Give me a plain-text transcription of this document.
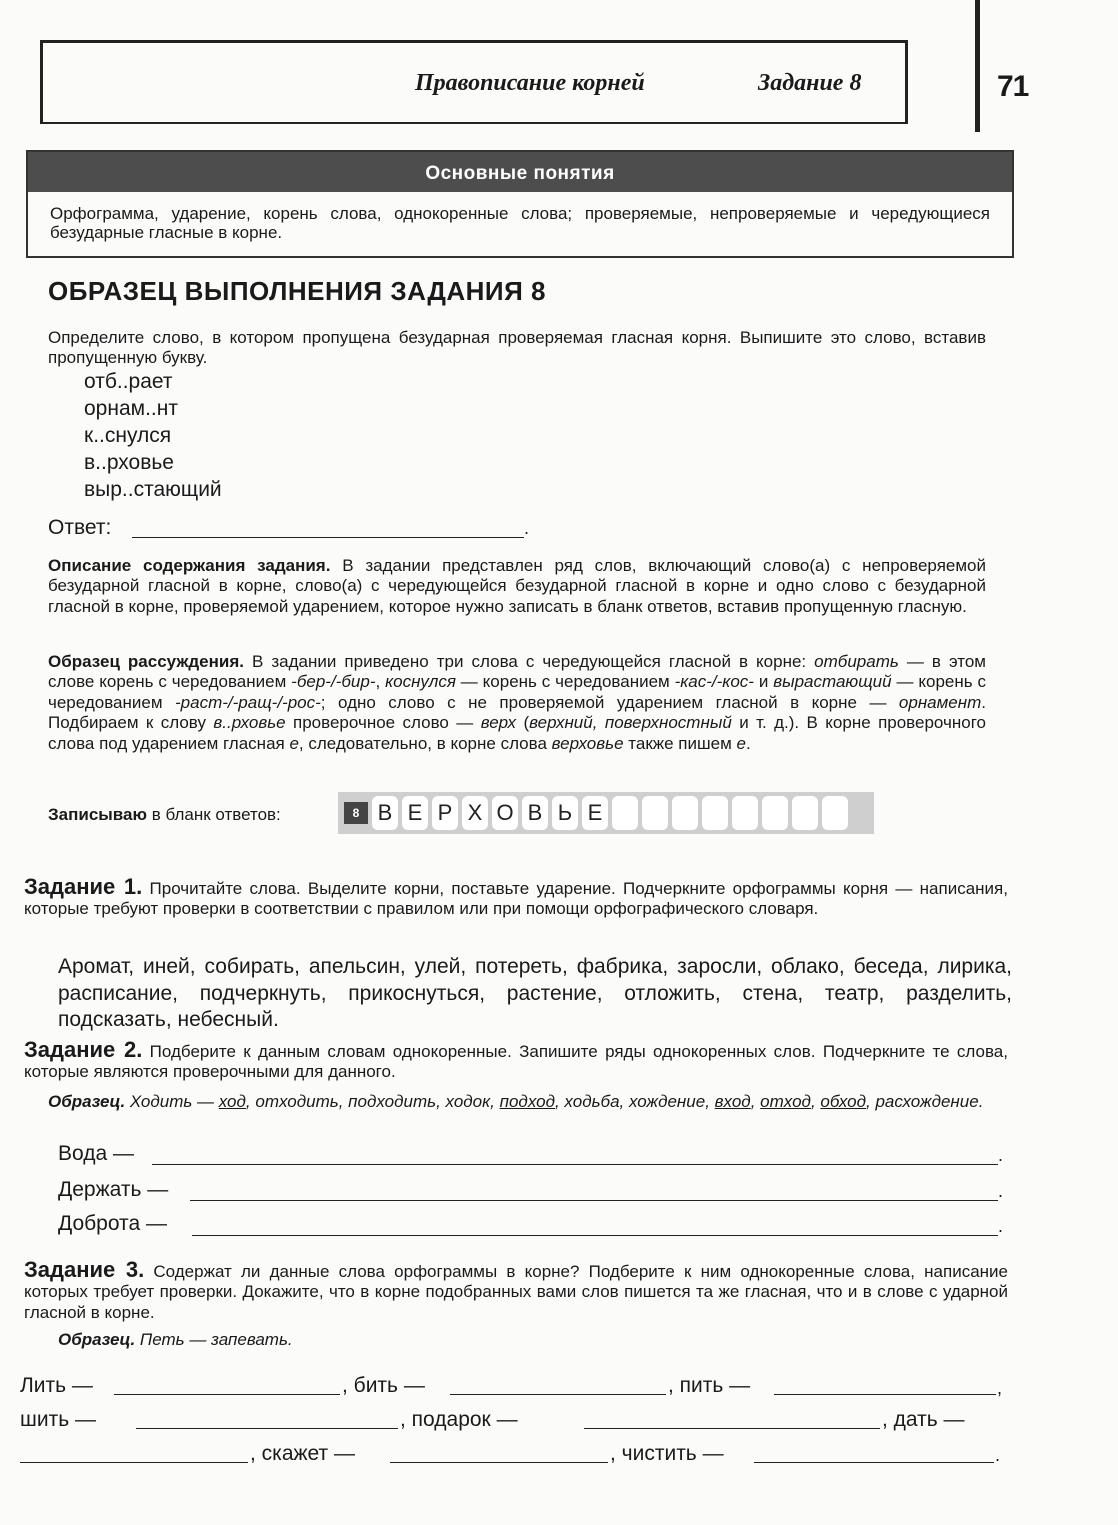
Правописание корней	Задание 8	71
Основные понятия
Орфограмма, ударение, корень слова, однокоренные слова; проверяемые, непроверяемые и чередующиеся безударные гласные в корне.
ОБРАЗЕЦ ВЫПОЛНЕНИЯ ЗАДАНИЯ 8
Определите слово, в котором пропущена безударная проверяемая гласная корня. Выпишите это слово, вставив пропущенную букву.
отб..рает
орнам..нт
к..снулся
в..рховье
выр..стающий
Ответ:	.
Описание содержания задания. В задании представлен ряд слов, включающий слово(а) с непроверяемой безударной гласной в корне, слово(а) с чередующейся безударной гласной в корне и одно слово с безударной гласной в корне, проверяемой ударением, которое нужно записать в бланк ответов, вставив пропущенную гласную.
Образец рассуждения. В задании приведено три слова с чередующейся гласной в корне: отбирать — в этом слове корень с чередованием -бер-/-бир-, коснулся — корень с чередованием -кас-/-кос- и вырастающий — корень с чередованием -раст-/-ращ-/-рос-; одно слово с не проверяемой ударением гласной в корне — орнамент. Подбираем к слову в..рховье проверочное слово — верх (верхний, поверхностный и т. д.). В корне проверочного слова под ударением гласная е, следовательно, в корне слова верховье также пишем е.
Записываю в бланк ответов:	8 В Е Р Х О В Ь Е
Задание 1. Прочитайте слова. Выделите корни, поставьте ударение. Подчеркните орфограммы корня — написания, которые требуют проверки в соответствии с правилом или при помощи орфографического словаря.
Аромат, иней, собирать, апельсин, улей, потереть, фабрика, заросли, облако, беседа, лирика, расписание, подчеркнуть, прикоснуться, растение, отложить, стена, театр, разделить, подсказать, небесный.
Задание 2. Подберите к данным словам однокоренные. Запишите ряды однокоренных слов. Подчеркните те слова, которые являются проверочными для данного.
Образец. Ходить — ход, отходить, подходить, ходок, подход, ходьба, хождение, вход, отход, обход, расхождение.
Вода —	.
Держать —	.
Доброта —	.
Задание 3. Содержат ли данные слова орфограммы в корне? Подберите к ним однокоренные слова, написание которых требует проверки. Докажите, что в корне подобранных вами слов пишется та же гласная, что и в слове с ударной гласной в корне.
Образец. Петь — запевать.
Лить —	, бить —	, пить —	,
шить —	, подарок —	, дать —
, скажет —	, чистить —	.
